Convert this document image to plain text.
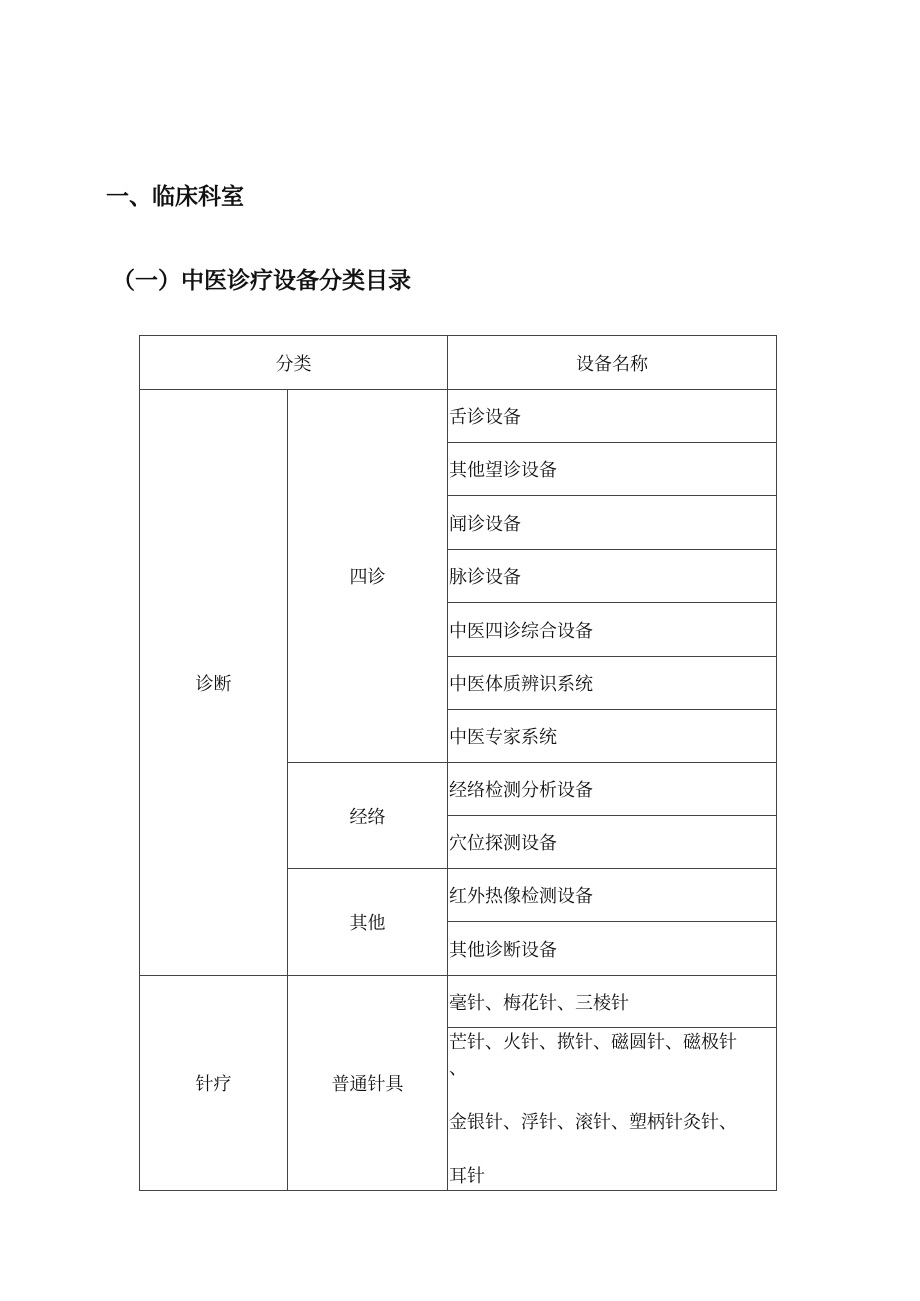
一、临床科室
（一）中医诊疗设备分类目录
分类		设备名称
诊断	四诊	舌诊设备
		其他望诊设备
		闻诊设备
		脉诊设备
		中医四诊综合设备
		中医体质辨识系统
		中医专家系统
	经络	经络检测分析设备
		穴位探测设备
	其他	红外热像检测设备
		其他诊断设备
针疗	普通针具	毫针、梅花针、三棱针

		芒针、火针、揿针、磁圆针、磁极针
、
金银针、浮针、滚针、塑柄针灸针、
耳针
